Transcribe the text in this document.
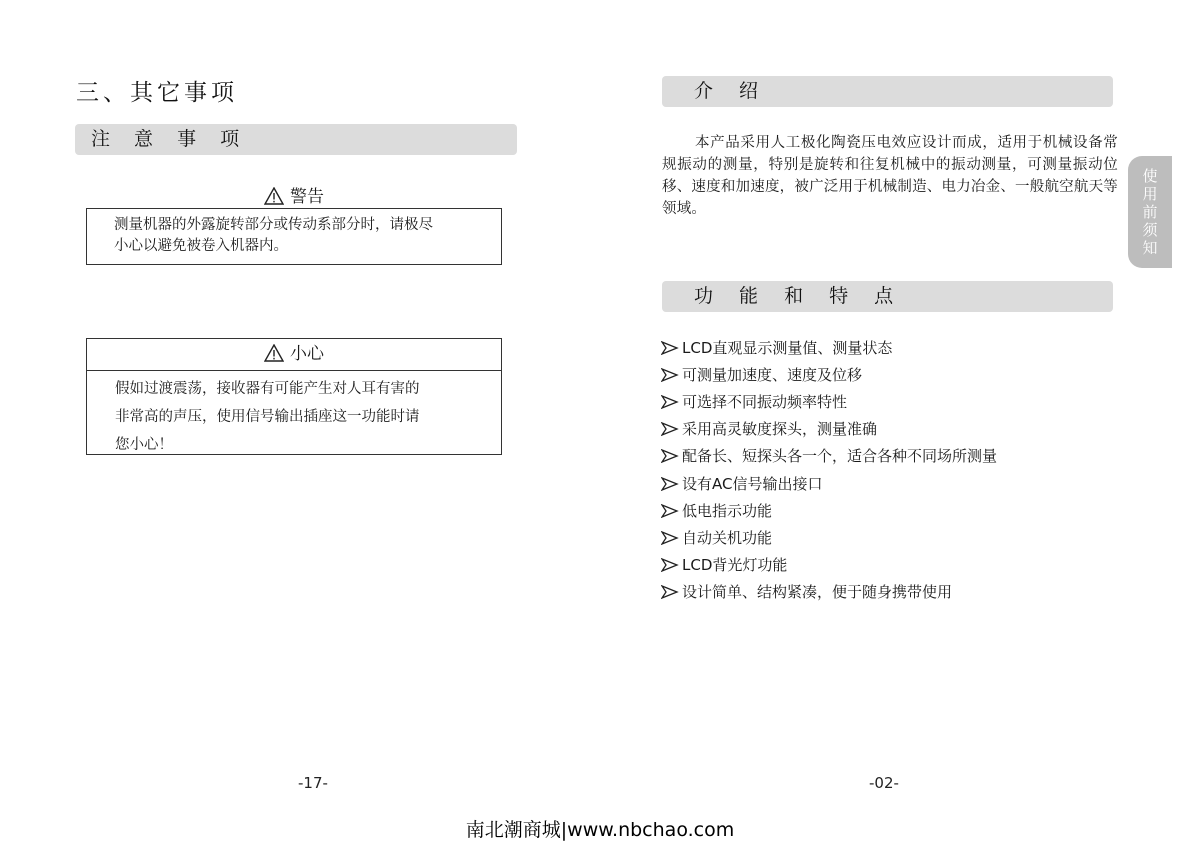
三、其它事项
注 意 事 项
警告
测量机器的外露旋转部分或传动系部分时，请极尽
小心以避免被卷入机器内。
小心
假如过渡震荡，接收器有可能产生对人耳有害的
非常高的声压，使用信号输出插座这一功能时请
您小心！
-17-
介 绍
本产品采用人工极化陶瓷压电效应设计而成，适用于机械设备常规振动的测量，特别是旋转和往复机械中的振动测量，可测量振动位移、速度和加速度，被广泛用于机械制造、电力冶金、一般航空航天等领域。
功 能 和 特 点
LCD直观显示测量值、测量状态
可测量加速度、速度及位移
可选择不同振动频率特性
采用高灵敏度探头，测量准确
配备长、短探头各一个，适合各种不同场所测量
设有AC信号输出接口
低电指示功能
自动关机功能
LCD背光灯功能
设计简单、结构紧凑，便于随身携带使用
使
用
前
须
知
-02-
南北潮商城|www.nbchao.com
